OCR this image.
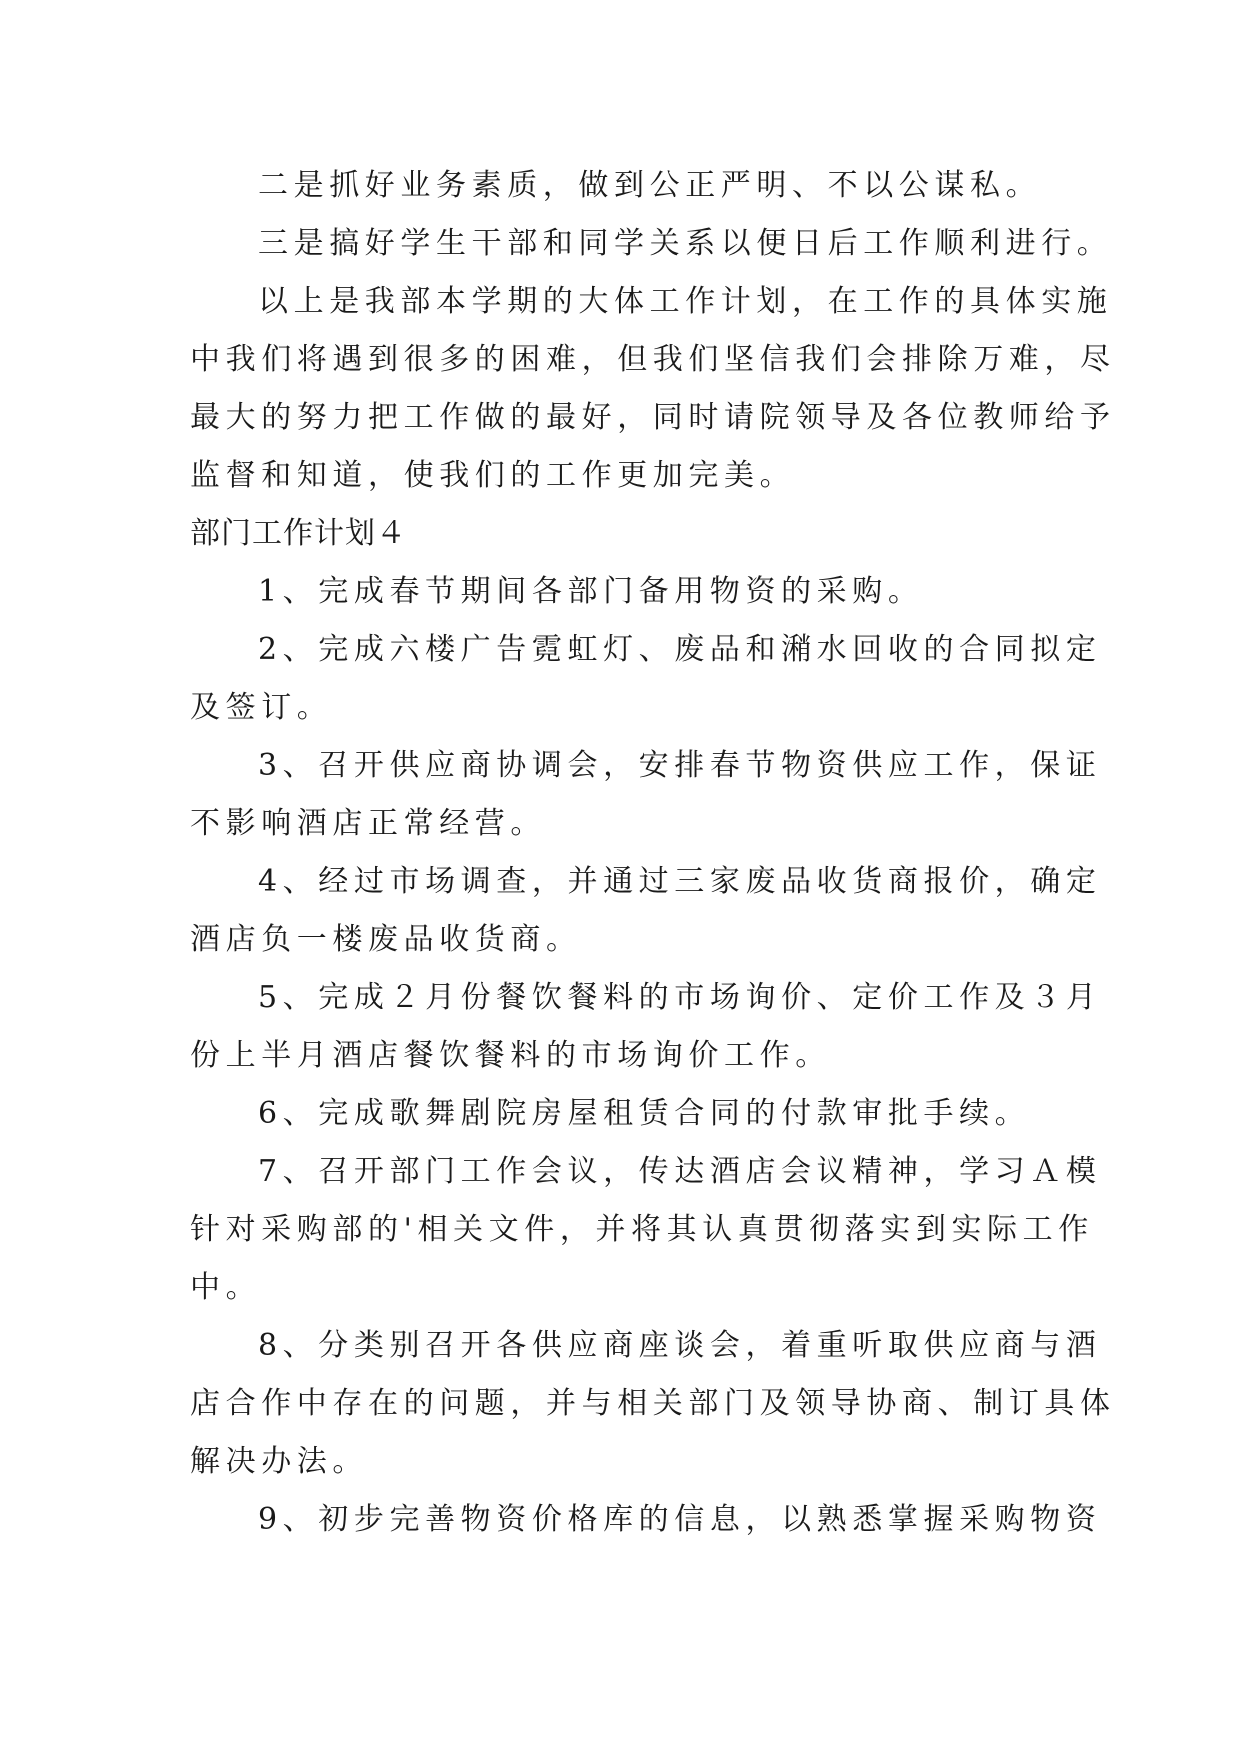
二是抓好业务素质，做到公正严明、不以公谋私。
三是搞好学生干部和同学关系以便日后工作顺利进行。
以上是我部本学期的大体工作计划，在工作的具体实施
中我们将遇到很多的困难，但我们坚信我们会排除万难，尽
最大的努力把工作做的最好，同时请院领导及各位教师给予
监督和知道，使我们的工作更加完美。
部门工作计划４
1、完成春节期间各部门备用物资的采购。
2、完成六楼广告霓虹灯、废品和潲水回收的合同拟定
及签订。
3、召开供应商协调会，安排春节物资供应工作，保证
不影响酒店正常经营。
4、经过市场调查，并通过三家废品收货商报价，确定
酒店负一楼废品收货商。
5、完成２月份餐饮餐料的市场询价、定价工作及３月
份上半月酒店餐饮餐料的市场询价工作。
6、完成歌舞剧院房屋租赁合同的付款审批手续。
7、召开部门工作会议，传达酒店会议精神，学习Ａ模
针对采购部的'相关文件，并将其认真贯彻落实到实际工作
中。
8、分类别召开各供应商座谈会，着重听取供应商与酒
店合作中存在的问题，并与相关部门及领导协商、制订具体
解决办法。
9、初步完善物资价格库的信息，以熟悉掌握采购物资
